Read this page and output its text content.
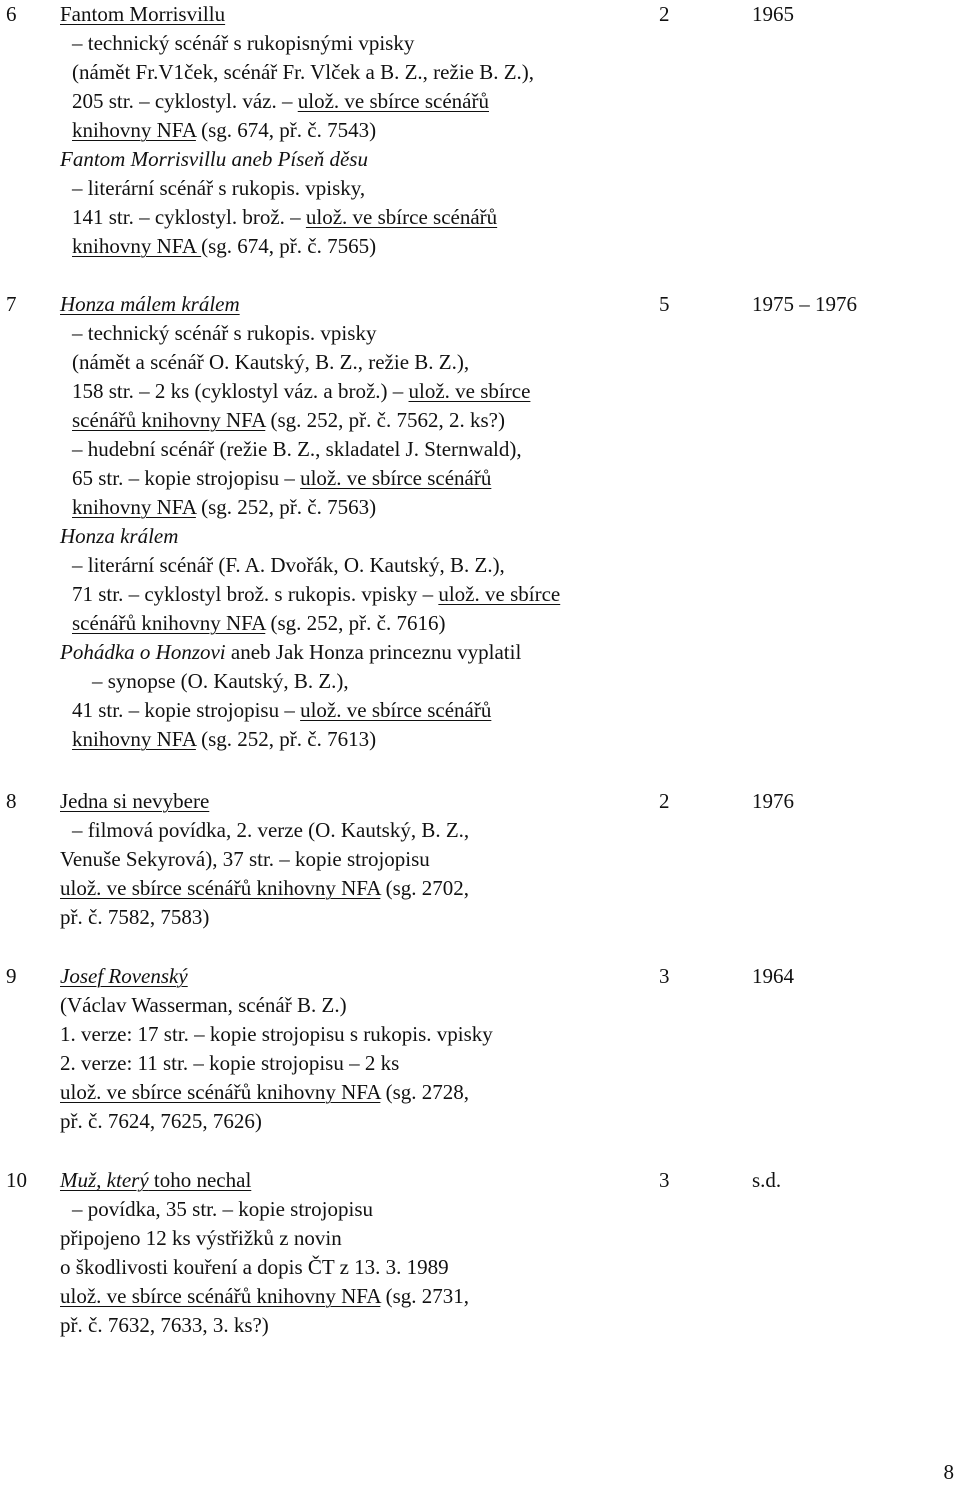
6 Fantom Morrisvillu
– technický scénář s rukopisnými vpisky
(námět Fr.V1ček, scénář Fr. Vlček a B. Z., režie B. Z.),
205 str. – cyklostyl. váz. – ulož. ve sbírce scénářů
knihovny NFA (sg. 674, př. č. 7543)
Fantom Morrisvillu aneb Píseň děsu
– literární scénář s rukopis. vpisky,
141 str. – cyklostyl. brož. – ulož. ve sbírce scénářů
knihovny NFA (sg. 674, př. č. 7565)
2	1965
7 Honza málem králem
– technický scénář s rukopis. vpisky
(námět a scénář O. Kautský, B. Z., režie B. Z.),
158 str. – 2 ks (cyklostyl váz. a brož.) – ulož. ve sbírce
scénářů knihovny NFA (sg. 252, př. č. 7562, 2. ks?)
– hudební scénář (režie B. Z., skladatel J. Sternwald),
65 str. – kopie strojopisu – ulož. ve sbírce scénářů
knihovny NFA (sg. 252, př. č. 7563)
Honza králem
– literární scénář (F. A. Dvořák, O. Kautský, B. Z.),
71 str. – cyklostyl brož. s rukopis. vpisky – ulož. ve sbírce
scénářů knihovny NFA (sg. 252, př. č. 7616)
Pohádka o Honzovi aneb Jak Honza princeznu vyplatil
– synopse (O. Kautský, B. Z.),
41 str. – kopie strojopisu – ulož. ve sbírce scénářů
knihovny NFA (sg. 252, př. č. 7613)
5	1975 – 1976
8 Jedna si nevybere
– filmová povídka, 2. verze (O. Kautský, B. Z.,
Venuše Sekyrová), 37 str. – kopie strojopisu
ulož. ve sbírce scénářů knihovny NFA (sg. 2702,
př. č. 7582, 7583)
2	1976
9 Josef Rovenský
(Václav Wasserman, scénář B. Z.)
1. verze: 17 str. – kopie strojopisu s rukopis. vpisky
2. verze: 11 str. – kopie strojopisu – 2 ks
ulož. ve sbírce scénářů knihovny NFA (sg. 2728,
př. č. 7624, 7625, 7626)
3	1964
10 Muž, který toho nechal
– povídka, 35 str. – kopie strojopisu
připojeno 12 ks výstřižků z novin
o škodlivosti kouření a dopis ČT z 13. 3. 1989
ulož. ve sbírce scénářů knihovny NFA (sg. 2731,
př. č. 7632, 7633, 3. ks?)
3	s.d.
8
